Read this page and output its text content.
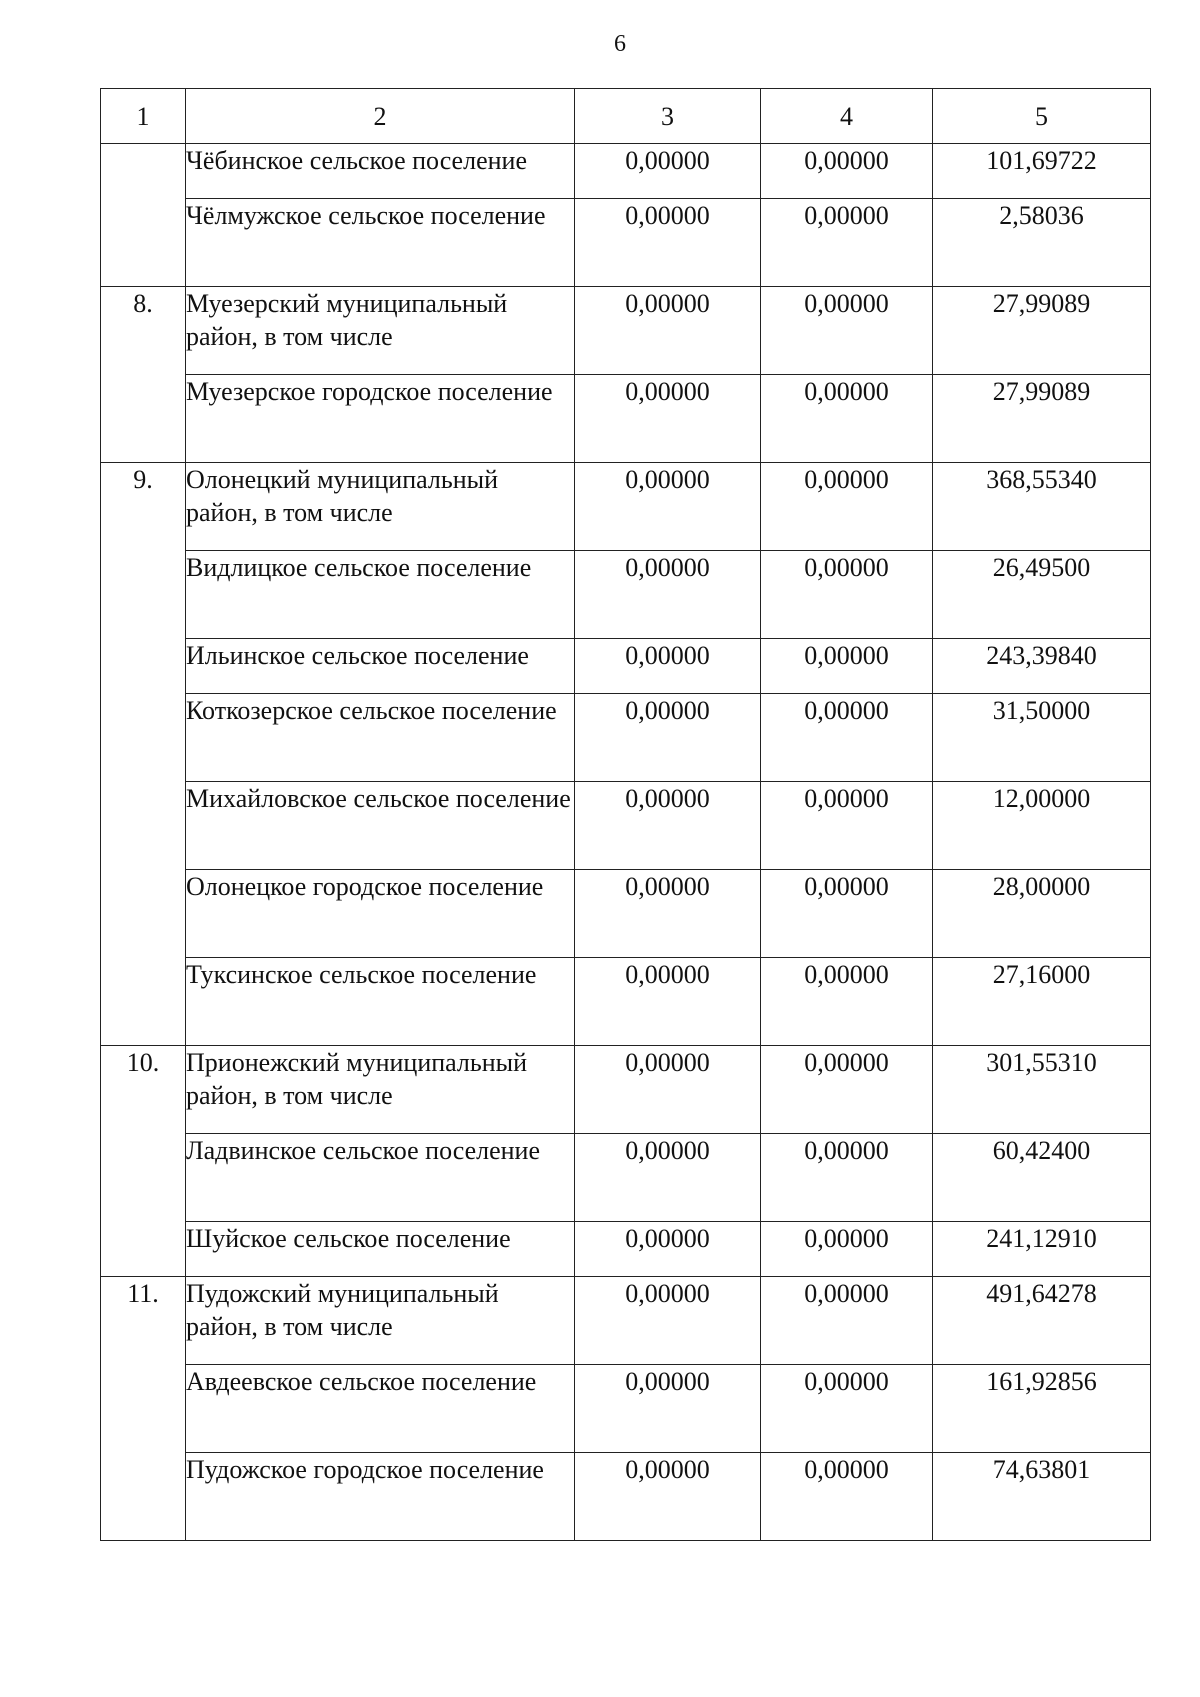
6
1	2	3	4	5
	Чёбинское сельское поселение	0,00000	0,00000	101,69722
	Чёлмужское сельское поселение	0,00000	0,00000	2,58036
8.	Муезерский муниципальный район, в том числе	0,00000	0,00000	27,99089
	Муезерское городское поселение	0,00000	0,00000	27,99089
9.	Олонецкий муниципальный район, в том числе	0,00000	0,00000	368,55340
	Видлицкое сельское поселение	0,00000	0,00000	26,49500
	Ильинское сельское поселение	0,00000	0,00000	243,39840
	Коткозерское сельское поселение	0,00000	0,00000	31,50000
	Михайловское сельское поселение	0,00000	0,00000	12,00000
	Олонецкое городское поселение	0,00000	0,00000	28,00000
	Туксинское сельское поселение	0,00000	0,00000	27,16000
10.	Прионежский муниципальный район, в том числе	0,00000	0,00000	301,55310
	Ладвинское сельское поселение	0,00000	0,00000	60,42400
	Шуйское сельское поселение	0,00000	0,00000	241,12910
11.	Пудожский муниципальный район, в том числе	0,00000	0,00000	491,64278
	Авдеевское сельское поселение	0,00000	0,00000	161,92856
	Пудожское городское поселение	0,00000	0,00000	74,63801
